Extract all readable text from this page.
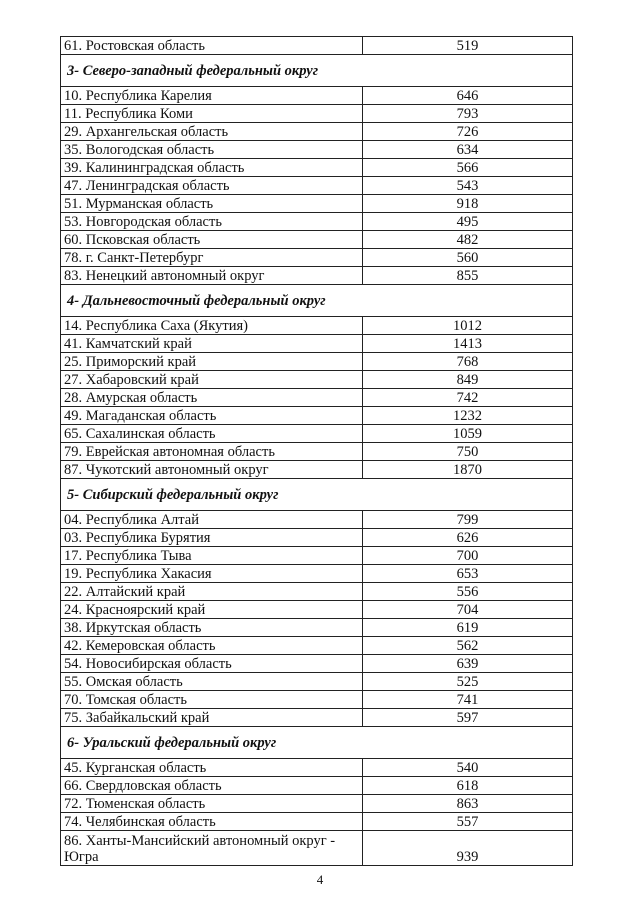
61. Ростовская область	519
3- Северо-западный федеральный округ	
10. Республика Карелия	646
11. Республика Коми	793
29. Архангельская область	726
35. Вологодская область	634
39. Калининградская область	566
47. Ленинградская область	543
51. Мурманская область	918
53. Новгородская область	495
60. Псковская область	482
78. г. Санкт-Петербург	560
83. Ненецкий автономный округ	855
4- Дальневосточный федеральный округ	
14. Республика Саха (Якутия)	1012
41. Камчатский край	1413
25. Приморский край	768
27. Хабаровский край	849
28. Амурская область	742
49. Магаданская область	1232
65. Сахалинская область	1059
79. Еврейская автономная область	750
87. Чукотский автономный округ	1870
5- Сибирский федеральный округ	
04. Республика Алтай	799
03. Республика Бурятия	626
17. Республика Тыва	700
19. Республика Хакасия	653
22. Алтайский край	556
24. Красноярский край	704
38. Иркутская область	619
42. Кемеровская область	562
54. Новосибирская область	639
55. Омская область	525
70. Томская область	741
75. Забайкальский край	597
6- Уральский федеральный округ	
45. Курганская область	540
66. Свердловская область	618
72. Тюменская область	863
74. Челябинская область	557
86. Ханты-Мансийский автономный округ - Югра	939
4
